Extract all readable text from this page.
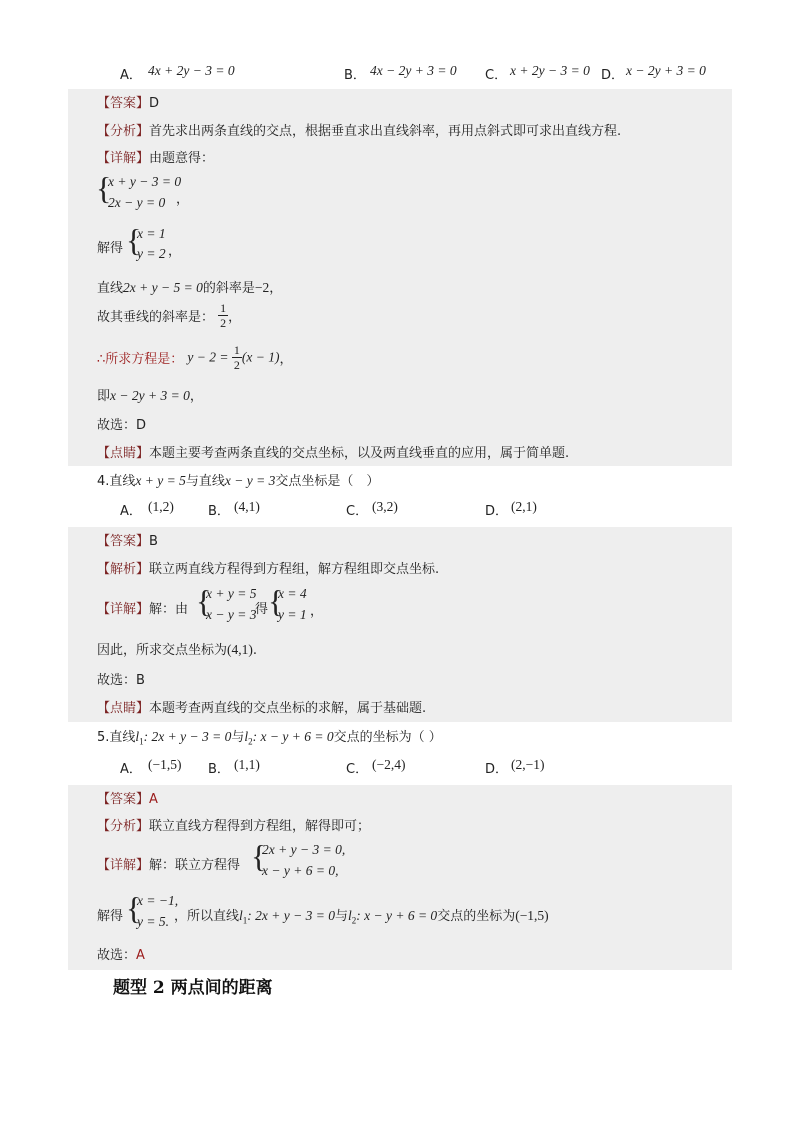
A． 4x + 2y − 3 = 0	B． 4x − 2y + 3 = 0 C． x + 2y − 3 = 0 D． x − 2y + 3 = 0
【答案】D
【分析】首先求出两条直线的交点，根据垂直求出直线斜率，再用点斜式即可求出直线方程.
【详解】由题意得：
{
x + y − 3 = 0
2x − y = 0 ，
解得 {
x = 1
y = 2 ，
直线2x + y − 5 = 0的斜率是−2，
故其垂线的斜率是： $\frac{1}{2}$ ，
∴所求方程是： $y - 2 = \frac{1}{2} (x - 1)$，
即x − 2y + 3 = 0，
故选：D
【点睛】本题主要考查两条直线的交点坐标，以及两直线垂直的应用，属于简单题.
4.直线x + y = 5与直线x − y = 3交点坐标是（　）
A． (1,2)	B． (4,1)	C． (3,2)	D． (2,1)
【答案】B
【解析】联立两直线方程得到方程组，解方程组即交点坐标.
【详解】解：由 {
x + y = 5
x − y = 3
得 {
x = 4
y = 1 ，
因此，所求交点坐标为(4,1).
故选：B
【点睛】本题考查两直线的交点坐标的求解，属于基础题.
5.直线$l_1$: 2x + y − 3 = 0与$l_2$: x − y + 6 = 0交点的坐标为（ ）
A． (−1,5) B． (1,1)	C． (−2,4)	D． (2,−1)
【答案】A
【分析】联立直线方程得到方程组，解得即可；
【详解】解：联立方程得 {
2x + y − 3 = 0,
x − y + 6 = 0,
解得 {
x = −1,
y = 5. ，所以直线$l_1$: 2x + y − 3 = 0与$l_2$: x − y + 6 = 0交点的坐标为(−1,5)
故选：A
题型 2 两点间的距离
